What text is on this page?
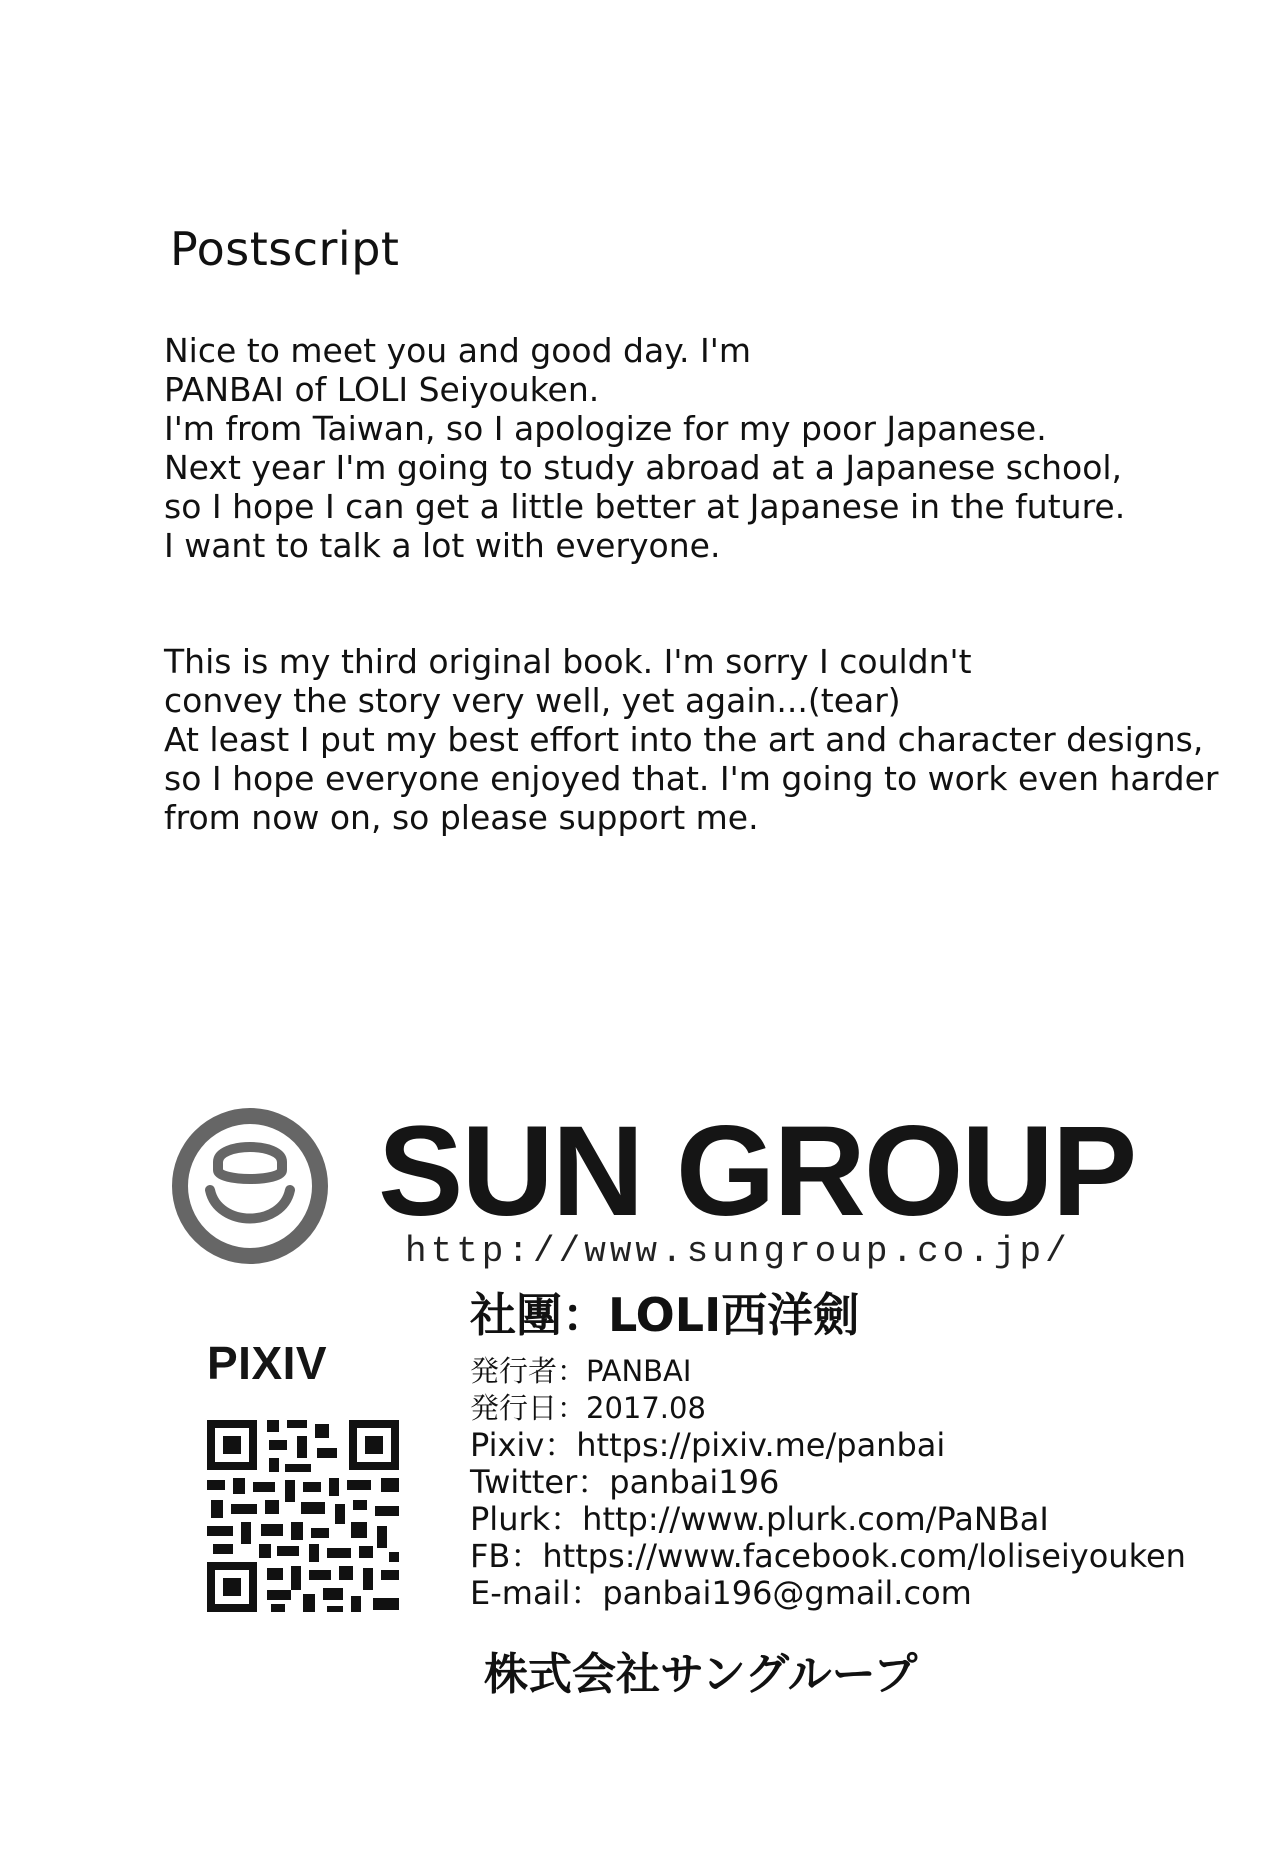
Postscript
Nice to meet you and good day. I'm
PANBAI of LOLI Seiyouken.
I'm from Taiwan, so I apologize for my poor Japanese.
Next year I'm going to study abroad at a Japanese school,
so I hope I can get a little better at Japanese in the future.
I want to talk a lot with everyone.
This is my third original book. I'm sorry I couldn't
convey the story very well, yet again...(tear)
At least I put my best effort into the art and character designs,
so I hope everyone enjoyed that. I'm going to work even harder
from now on, so please support me.
SUN GROUP
http://www.sungroup.co.jp/
PIXIV
社團：LOLI西洋劍
発行者：PANBAI
発行日：2017.08
Pixiv：https://pixiv.me/panbai
Twitter：panbai196
Plurk：http://www.plurk.com/PaNBaI
FB：https://www.facebook.com/loliseiyouken
E-mail：panbai196@gmail.com
株式会社サングループ
